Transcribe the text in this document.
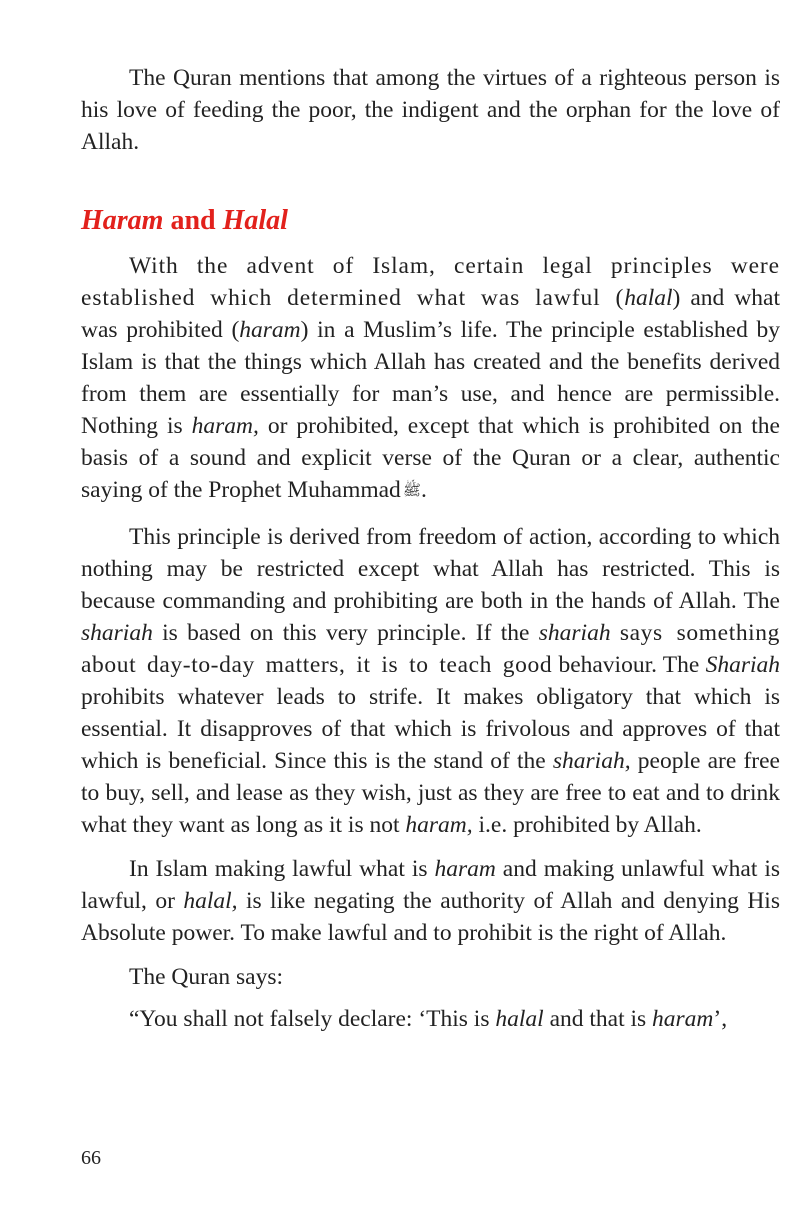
The Quran mentions that among the virtues of a righteous person is his love of feeding the poor, the indigent and the orphan for the love of Allah.

Haram and Halal

With the advent of Islam, certain legal principles were established which determined what was lawful (halal) and what was prohibited (haram) in a Muslim’s life. The principle established by Islam is that the things which Allah has created and the benefits derived from them are essentially for man’s use, and hence are permissible. Nothing is haram, or prohibited, except that which is prohibited on the basis of a sound and explicit verse of the Quran or a clear, authentic saying of the Prophet Muhammad ﷺ.

This principle is derived from freedom of action, according to which nothing may be restricted except what Allah has restricted. This is because commanding and prohibiting are both in the hands of Allah. The shariah is based on this very principle. If the shariah says something about day-to-day matters, it is to teach good behaviour. The Shariah prohibits whatever leads to strife. It makes obligatory that which is essential. It disapproves of that which is frivolous and approves of that which is beneficial. Since this is the stand of the shariah, people are free to buy, sell, and lease as they wish, just as they are free to eat and to drink what they want as long as it is not haram, i.e. prohibited by Allah.

In Islam making lawful what is haram and making unlawful what is lawful, or halal, is like negating the authority of Allah and denying His Absolute power. To make lawful and to prohibit is the right of Allah.

The Quran says:

“You shall not falsely declare: ‘This is halal and that is haram’,

66
